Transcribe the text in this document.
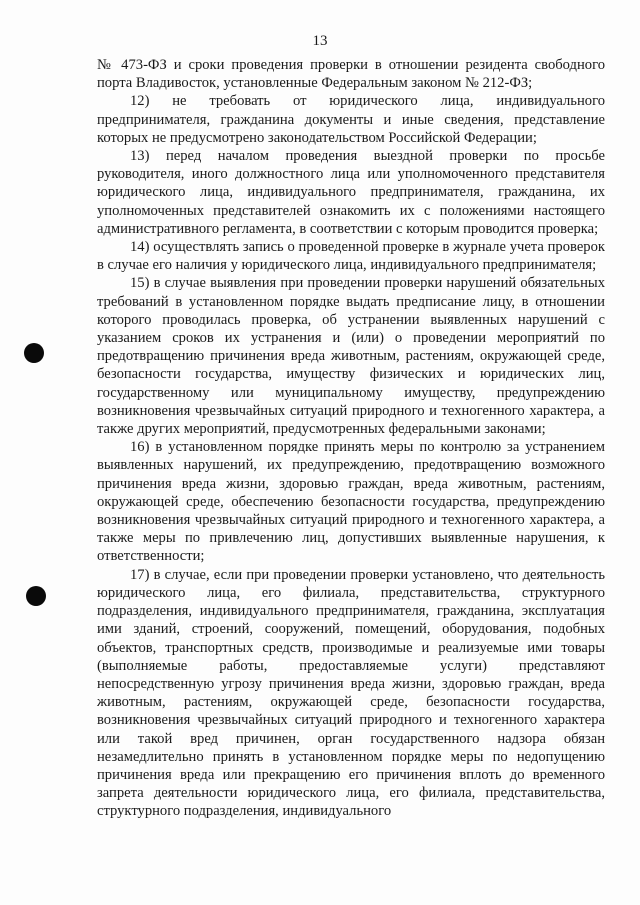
13

№ 473-ФЗ и сроки проведения проверки в отношении резидента свободного порта Владивосток, установленные Федеральным законом № 212-ФЗ;

12) не требовать от юридического лица, индивидуального предпринимателя, гражданина документы и иные сведения, представление которых не предусмотрено законодательством Российской Федерации;

13) перед началом проведения выездной проверки по просьбе руководителя, иного должностного лица или уполномоченного представителя юридического лица, индивидуального предпринимателя, гражданина, их уполномоченных представителей ознакомить их с положениями настоящего административного регламента, в соответствии с которым проводится проверка;

14) осуществлять запись о проведенной проверке в журнале учета проверок в случае его наличия у юридического лица, индивидуального предпринимателя;

15) в случае выявления при проведении проверки нарушений обязательных требований в установленном порядке выдать предписание лицу, в отношении которого проводилась проверка, об устранении выявленных нарушений с указанием сроков их устранения и (или) о проведении мероприятий по предотвращению причинения вреда животным, растениям, окружающей среде, безопасности государства, имуществу физических и юридических лиц, государственному или муниципальному имуществу, предупреждению возникновения чрезвычайных ситуаций природного и техногенного характера, а также других мероприятий, предусмотренных федеральными законами;

16) в установленном порядке принять меры по контролю за устранением выявленных нарушений, их предупреждению, предотвращению возможного причинения вреда жизни, здоровью граждан, вреда животным, растениям, окружающей среде, обеспечению безопасности государства, предупреждению возникновения чрезвычайных ситуаций природного и техногенного характера, а также меры по привлечению лиц, допустивших выявленные нарушения, к ответственности;

17) в случае, если при проведении проверки установлено, что деятельность юридического лица, его филиала, представительства, структурного подразделения, индивидуального предпринимателя, гражданина, эксплуатация ими зданий, строений, сооружений, помещений, оборудования, подобных объектов, транспортных средств, производимые и реализуемые ими товары (выполняемые работы, предоставляемые услуги) представляют непосредственную угрозу причинения вреда жизни, здоровью граждан, вреда животным, растениям, окружающей среде, безопасности государства, возникновения чрезвычайных ситуаций природного и техногенного характера или такой вред причинен, орган государственного надзора обязан незамедлительно принять в установленном порядке меры по недопущению причинения вреда или прекращению его причинения вплоть до временного запрета деятельности юридического лица, его филиала, представительства, структурного подразделения, индивидуального
